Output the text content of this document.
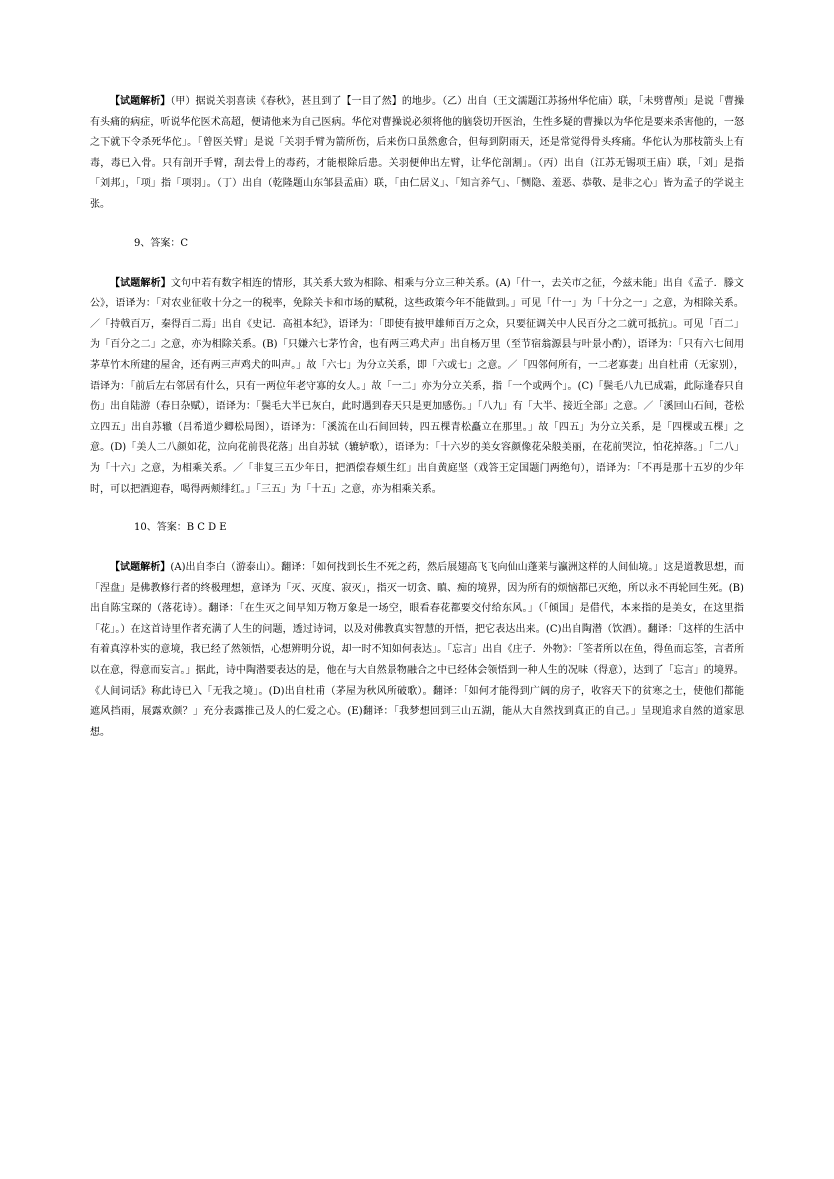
【试题解析】（甲）据说关羽喜读《春秋》，甚且到了【一目了然】的地步。（乙）出自（王文濡题江苏扬州华佗庙）联，「未劈曹颅」是说「曹操有头痛的病症，听说华佗医术高超，便请他来为自己医病。华佗对曹操说必须将他的脑袋切开医治，生性多疑的曹操以为华佗是要来杀害他的，一怒之下就下令杀死华佗」。「曾医关臂」是说「关羽手臂为箭所伤，后来伤口虽然愈合，但每到阴雨天，还是常觉得骨头疼痛。华佗认为那枝箭头上有毒，毒已入骨。只有剖开手臂，刮去骨上的毒药，才能根除后患。关羽便伸出左臂，让华佗剖割」。（丙）出自（江苏无锡项王庙）联，「刘」是指「刘邦」，「项」指「项羽」。（丁）出自（乾隆题山东邹县孟庙）联，「由仁居义」、「知言养气」、「恻隐、羞恶、恭敬、是非之心」皆为孟子的学说主张。

9、答案：C

【试题解析】文句中若有数字相连的情形，其关系大致为相除、相乘与分立三种关系。(A)「什一，去关市之征，今兹未能」出自《孟子．滕文公》，语译为：「对农业征收十分之一的税率，免除关卡和市场的赋税，这些政策今年不能做到。」可见「什一」为「十分之一」之意，为相除关系。／「持戟百万，秦得百二焉」出自《史记．高祖本纪》，语译为：「即使有披甲雄师百万之众，只要征调关中人民百分之二就可抵抗」。可见「百二」为「百分之二」之意，亦为相除关系。(B)「只嫌六七茅竹舍，也有两三鸡犬声」出自杨万里（至节宿翁源县与叶景小酌），语译为：「只有六七间用茅草竹木所建的屋舍，还有两三声鸡犬的叫声。」故「六七」为分立关系，即「六或七」之意。／「四邻何所有，一二老寡妻」出自杜甫（无家别），语译为：「前后左右邻居有什么，只有一两位年老守寡的女人。」故「一二」亦为分立关系，指「一个或两个」。(C)「鬓毛八九已成霜，此际逢春只自伤」出自陆游（春日杂赋），语译为：「鬓毛大半已灰白，此时遇到春天只是更加感伤。」「八九」有「大半、接近全部」之意。／「溪回山石间，苍松立四五」出自苏辙（吕希道少卿松局图），语译为：「溪流在山石间回转，四五棵青松矗立在那里。」故「四五」为分立关系，是「四棵或五棵」之意。(D)「美人二八颜如花，泣向花前畏花落」出自苏轼（辘轳歌），语译为：「十六岁的美女容颜像花朵般美丽，在花前哭泣，怕花掉落。」「二八」为「十六」之意，为相乘关系。／「非复三五少年日，把酒偿春颊生红」出自黄庭坚（戏答王定国题门两绝句），语译为：「不再是那十五岁的少年时，可以把酒迎春，喝得两颊绯红。」「三五」为「十五」之意，亦为相乘关系。

10、答案：B C D E

【试题解析】(A)出自李白（游泰山）。翻译：「如何找到长生不死之药，然后展翅高飞飞向仙山蓬莱与瀛洲这样的人间仙境。」这是道教思想，而「涅盘」是佛教修行者的终极理想，意译为「灭、灭度、寂灭」，指灭一切贪、瞋、痴的境界，因为所有的烦恼都已灭绝，所以永不再轮回生死。(B)出自陈宝琛的（落花诗）。翻译：「在生灭之间早知万物万象是一场空，眼看春花都要交付给东风。」（「倾国」是借代，本来指的是美女，在这里指「花」。）在这首诗里作者充满了人生的问题，透过诗词，以及对佛教真实智慧的开悟，把它表达出来。(C)出自陶潜（饮酒）。翻译：「这样的生活中有着真淳朴实的意境，我已经了然领悟，心想辨明分说，却一时不知如何表达」。「忘言」出自《庄子．外物》：「筌者所以在鱼，得鱼而忘筌，言者所以在意，得意而妄言。」据此，诗中陶潜要表达的是，他在与大自然景物融合之中已经体会领悟到一种人生的况味（得意），达到了「忘言」的境界。《人间词话》称此诗已入「无我之境」。(D)出自杜甫（茅屋为秋风所破歌）。翻译：「如何才能得到广阔的房子，收容天下的贫寒之士，使他们都能遮风挡雨，展露欢颜？」充分表露推己及人的仁爱之心。(E)翻译：「我梦想回到三山五湖，能从大自然找到真正的自己。」呈现追求自然的道家思想。
